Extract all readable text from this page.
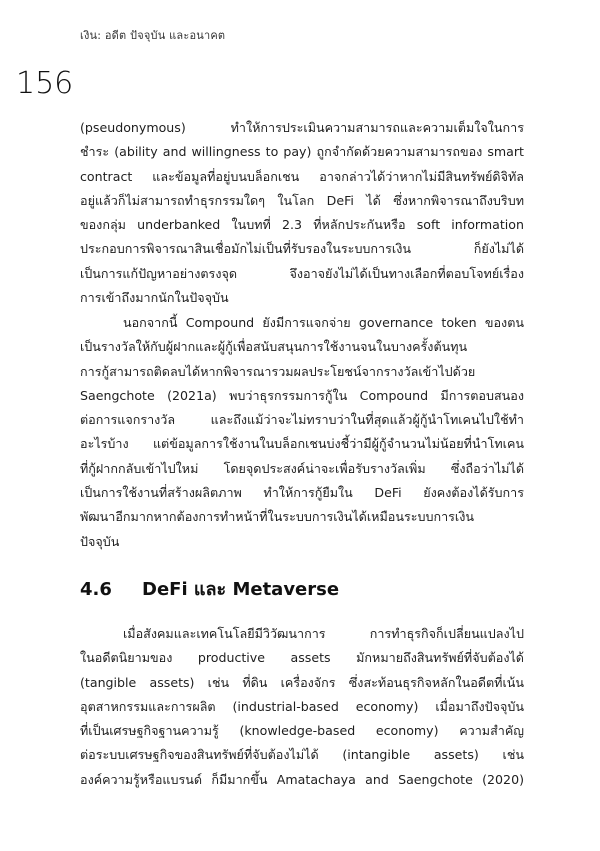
เงิน: อดีต ปัจจุบัน และอนาคต
156
(pseudonymous) ทำให้การประเมินความสามารถและความเต็มใจในการ
ชำระ (ability and willingness to pay) ถูกจำกัดด้วยความสามารถของ smart
contract และข้อมูลที่อยู่บนบล็อกเชน อาจกล่าวได้ว่าหากไม่มีสินทรัพย์ดิจิทัล
อยู่แล้วก็ไม่สามารถทำธุรกรรมใดๆ ในโลก DeFi ได้ ซึ่งหากพิจารณาถึงบริบท
ของกลุ่ม underbanked ในบทที่ 2.3 ที่หลักประกันหรือ soft information
ประกอบการพิจารณาสินเชื่อมักไม่เป็นที่รับรองในระบบการเงิน ก็ยังไม่ได้
เป็นการแก้ปัญหาอย่างตรงจุด จึงอาจยังไม่ได้เป็นทางเลือกที่ตอบโจทย์เรื่อง
การเข้าถึงมากนักในปัจจุบัน
นอกจากนี้ Compound ยังมีการแจกจ่าย governance token ของตน
เป็นรางวัลให้กับผู้ฝากและผู้กู้เพื่อสนับสนุนการใช้งานจนในบางครั้งต้นทุน
การกู้สามารถติดลบได้หากพิจารณารวมผลประโยชน์จากรางวัลเข้าไปด้วย
Saengchote (2021a) พบว่าธุรกรรมการกู้ใน Compound มีการตอบสนอง
ต่อการแจกรางวัล และถึงแม้ว่าจะไม่ทราบว่าในที่สุดแล้วผู้กู้นำโทเคนไปใช้ทำ
อะไรบ้าง แต่ข้อมูลการใช้งานในบล็อกเชนบ่งชี้ว่ามีผู้กู้จำนวนไม่น้อยที่นำโทเคน
ที่กู้ฝากกลับเข้าไปใหม่ โดยจุดประสงค์น่าจะเพื่อรับรางวัลเพิ่ม ซึ่งถือว่าไม่ได้
เป็นการใช้งานที่สร้างผลิตภาพ ทำให้การกู้ยืมใน DeFi ยังคงต้องได้รับการ
พัฒนาอีกมากหากต้องการทำหน้าที่ในระบบการเงินได้เหมือนระบบการเงิน
ปัจจุบัน
4.6 DeFi และ Metaverse
เมื่อสังคมและเทคโนโลยีมีวิวัฒนาการ การทำธุรกิจก็เปลี่ยนแปลงไป
ในอดีตนิยามของ productive assets มักหมายถึงสินทรัพย์ที่จับต้องได้
(tangible assets) เช่น ที่ดิน เครื่องจักร ซึ่งสะท้อนธุรกิจหลักในอดีตที่เน้น
อุตสาหกรรมและการผลิต (industrial-based economy) เมื่อมาถึงปัจจุบัน
ที่เป็นเศรษฐกิจฐานความรู้ (knowledge-based economy) ความสำคัญ
ต่อระบบเศรษฐกิจของสินทรัพย์ที่จับต้องไม่ได้ (intangible assets) เช่น
องค์ความรู้หรือแบรนด์ ก็มีมากขึ้น Amatachaya and Saengchote (2020)
